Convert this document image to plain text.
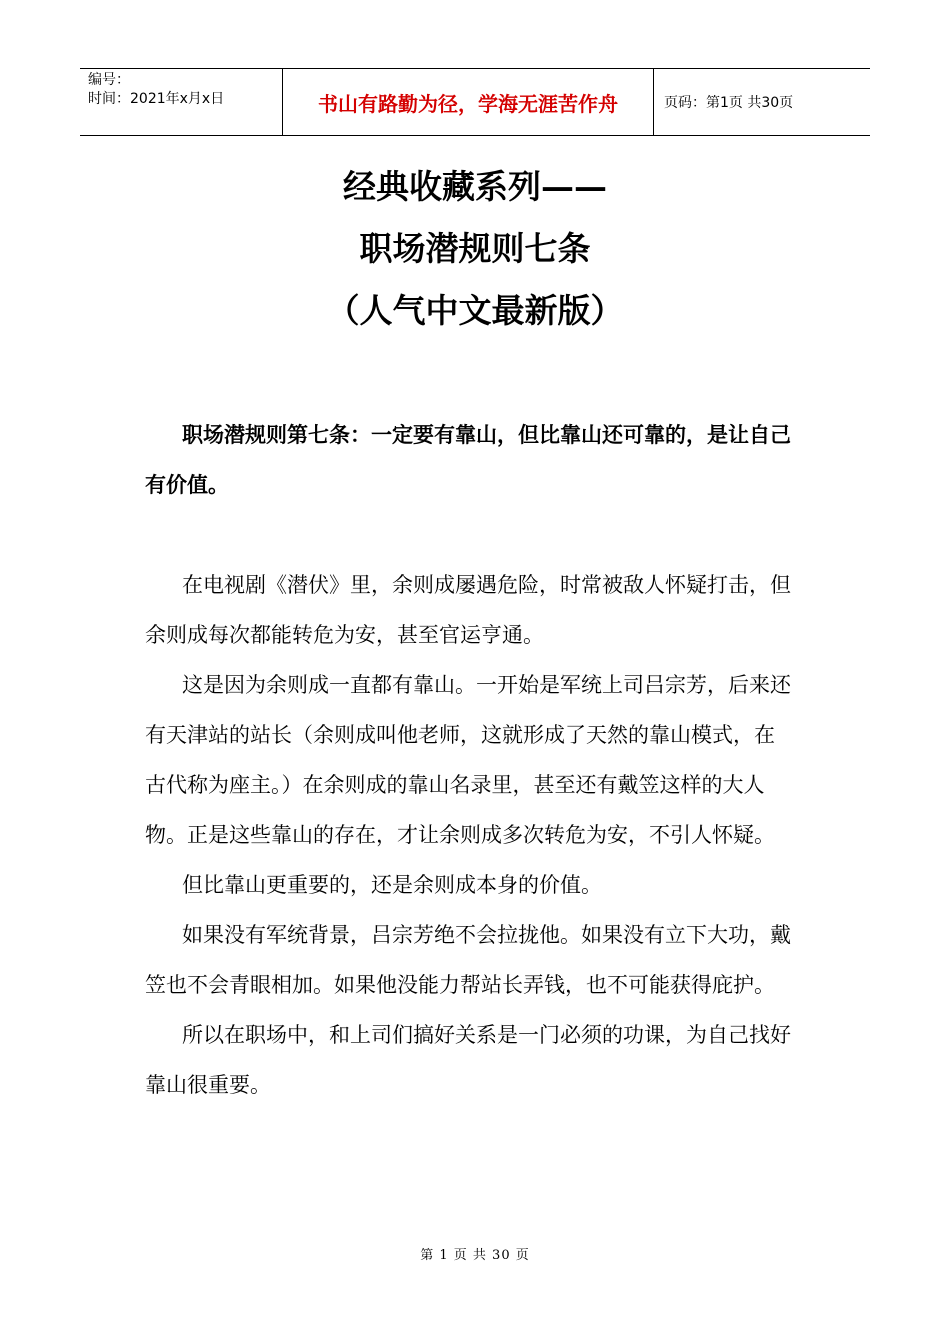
编号：
时间：2021年x月x日	书山有路勤为径，学海无涯苦作舟	页码：第1页 共30页
经典收藏系列——
职场潜规则七条
（人气中文最新版）

职场潜规则第七条：一定要有靠山，但比靠山还可靠的，是让自己有价值。

在电视剧《潜伏》里，余则成屡遇危险，时常被敌人怀疑打击，但余则成每次都能转危为安，甚至官运亨通。

这是因为余则成一直都有靠山。一开始是军统上司吕宗芳，后来还有天津站的站长（余则成叫他老师，这就形成了天然的靠山模式，在古代称为座主。）在余则成的靠山名录里，甚至还有戴笠这样的大人物。正是这些靠山的存在，才让余则成多次转危为安，不引人怀疑。

但比靠山更重要的，还是余则成本身的价值。

如果没有军统背景，吕宗芳绝不会拉拢他。如果没有立下大功，戴笠也不会青眼相加。如果他没能力帮站长弄钱，也不可能获得庇护。

所以在职场中，和上司们搞好关系是一门必须的功课，为自己找好靠山很重要。

第 1 页 共 30 页
